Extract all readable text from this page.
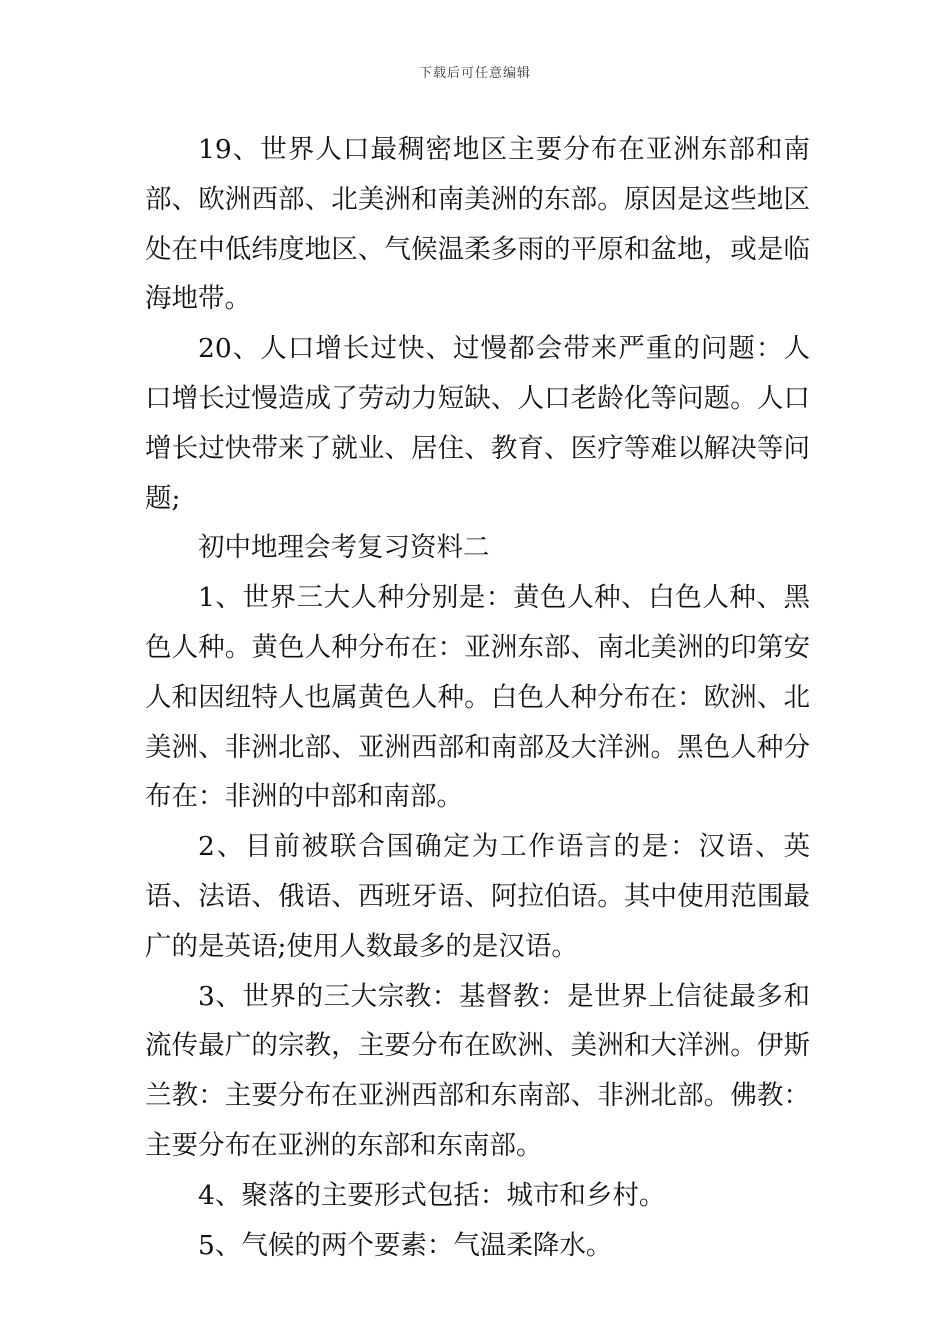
下载后可任意编辑

19、世界人口最稠密地区主要分布在亚洲东部和南部、欧洲西部、北美洲和南美洲的东部。原因是这些地区处在中低纬度地区、气候温柔多雨的平原和盆地，或是临海地带。

20、人口增长过快、过慢都会带来严重的问题：人口增长过慢造成了劳动力短缺、人口老龄化等问题。人口增长过快带来了就业、居住、教育、医疗等难以解决等问题;

初中地理会考复习资料二

1、世界三大人种分别是：黄色人种、白色人种、黑色人种。黄色人种分布在：亚洲东部、南北美洲的印第安人和因纽特人也属黄色人种。白色人种分布在：欧洲、北美洲、非洲北部、亚洲西部和南部及大洋洲。黑色人种分布在：非洲的中部和南部。

2、目前被联合国确定为工作语言的是：汉语、英语、法语、俄语、西班牙语、阿拉伯语。其中使用范围最广的是英语;使用人数最多的是汉语。

3、世界的三大宗教：基督教：是世界上信徒最多和流传最广的宗教，主要分布在欧洲、美洲和大洋洲。伊斯兰教：主要分布在亚洲西部和东南部、非洲北部。佛教：主要分布在亚洲的东部和东南部。

4、聚落的主要形式包括：城市和乡村。

5、气候的两个要素：气温柔降水。
